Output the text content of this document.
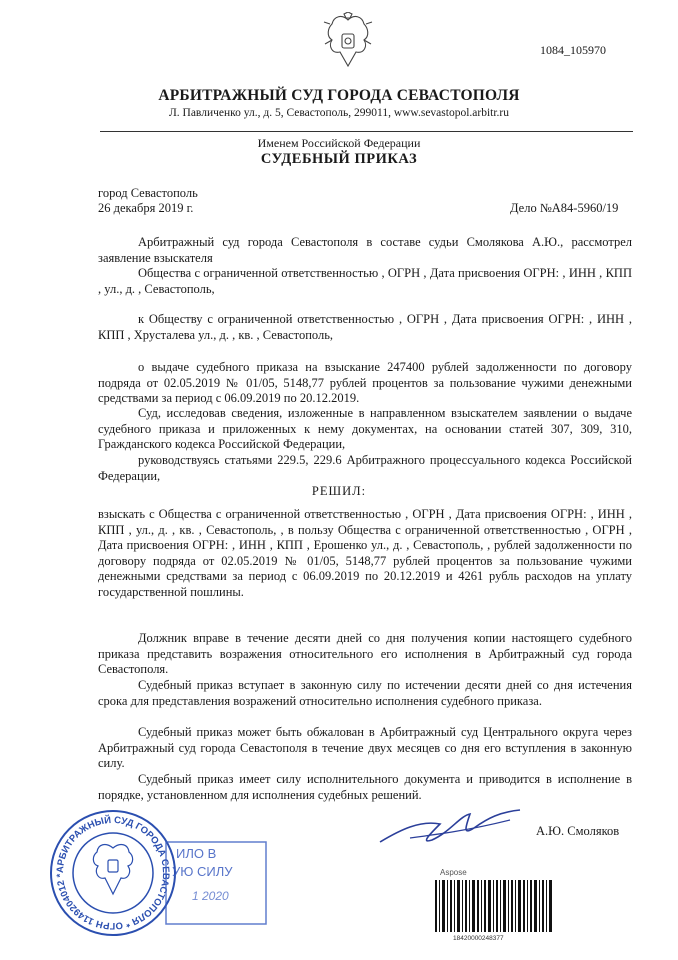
1084_105970
АРБИТРАЖНЫЙ СУД ГОРОДА СЕВАСТОПОЛЯ
Л. Павличенко ул., д. 5, Севастополь, 299011, www.sevastopol.arbitr.ru
Именем Российской Федерации
СУДЕБНЫЙ ПРИКАЗ
город Севастополь
26 декабря 2019 г.	Дело №А84-5960/19
Арбитражный суд города Севастополя в составе судьи Смолякова А.Ю., рассмотрел заявление взыскателя
Общества с ограниченной ответственностью , ОГРН , Дата присвоения ОГРН: , ИНН , КПП , ул., д. , Севастополь,
к Обществу с ограниченной ответственностью , ОГРН , Дата присвоения ОГРН: , ИНН , КПП , Хрусталева ул., д. , кв. , Севастополь,
о выдаче судебного приказа на взыскание 247400 рублей задолженности по договору подряда от 02.05.2019 № 01/05, 5148,77 рублей процентов за пользование чужими денежными средствами за период с 06.09.2019 по 20.12.2019.
Суд, исследовав сведения, изложенные в направленном взыскателем заявлении о выдаче судебного приказа и приложенных к нему документах, на основании статей 307, 309, 310, Гражданского кодекса Российской Федерации,
руководствуясь статьями 229.5, 229.6 Арбитражного процессуального кодекса Российской Федерации,
РЕШИЛ:
взыскать с Общества с ограниченной ответственностью , ОГРН , Дата присвоения ОГРН: , ИНН , КПП , ул., д. , кв. , Севастополь, , в пользу Общества с ограниченной ответственностью , ОГРН , Дата присвоения ОГРН: , ИНН , КПП , Ерошенко ул., д. , Севастополь, , рублей задолженности по договору подряда от 02.05.2019 № 01/05, 5148,77 рублей процентов за пользование чужими денежными средствами за период с 06.09.2019 по 20.12.2019 и 4261 рубль расходов на уплату государственной пошлины.
Должник вправе в течение десяти дней со дня получения копии настоящего судебного приказа представить возражения относительного его исполнения в Арбитражный суд города Севастополя.
Судебный приказ вступает в законную силу по истечении десяти дней со дня истечения срока для представления возражений относительно исполнения судебного приказа.
Судебный приказ может быть обжалован в Арбитражный суд Центрального округа через Арбитражный суд города Севастополя в течение двух месяцев со дня его вступления в законную силу.
Судебный приказ имеет силу исполнительного документа и приводится в исполнение в порядке, установленном для исполнения судебных решений.
А.Ю. Смоляков
АРБИТРАЖНЫЙ СУД ГОРОДА СЕВАСТОПОЛЯ * ОГРН 1149204012 *
ИЛО В
УЮ СИЛУ
1 2020
Aspose
18420000248377
